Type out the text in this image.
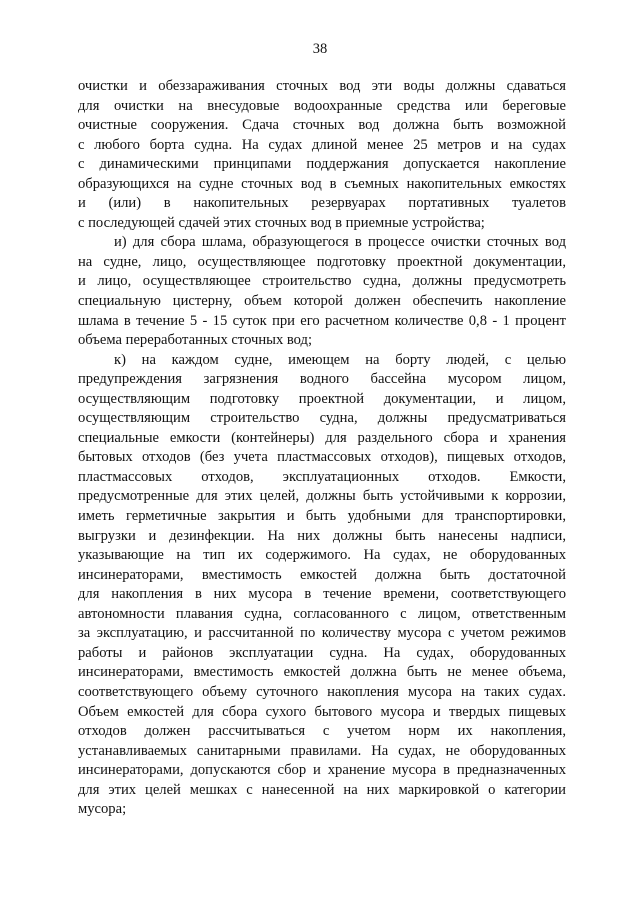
38
очистки и обеззараживания сточных вод эти воды должны сдаваться
для очистки на внесудовые водоохранные средства или береговые
очистные сооружения. Сдача сточных вод должна быть возможной
с любого борта судна. На судах длиной менее 25 метров и на судах
с динамическими принципами поддержания допускается накопление
образующихся на судне сточных вод в съемных накопительных емкостях
и (или) в накопительных резервуарах портативных туалетов
с последующей сдачей этих сточных вод в приемные устройства;
и) для сбора шлама, образующегося в процессе очистки сточных вод
на судне, лицо, осуществляющее подготовку проектной документации,
и лицо, осуществляющее строительство судна, должны предусмотреть
специальную цистерну, объем которой должен обеспечить накопление
шлама в течение 5 - 15 суток при его расчетном количестве 0,8 - 1 процент
объема переработанных сточных вод;
к) на каждом судне, имеющем на борту людей, с целью
предупреждения загрязнения водного бассейна мусором лицом,
осуществляющим подготовку проектной документации, и лицом,
осуществляющим строительство судна, должны предусматриваться
специальные емкости (контейнеры) для раздельного сбора и хранения
бытовых отходов (без учета пластмассовых отходов), пищевых отходов,
пластмассовых отходов, эксплуатационных отходов. Емкости,
предусмотренные для этих целей, должны быть устойчивыми к коррозии,
иметь герметичные закрытия и быть удобными для транспортировки,
выгрузки и дезинфекции. На них должны быть нанесены надписи,
указывающие на тип их содержимого. На судах, не оборудованных
инсинераторами, вместимость емкостей должна быть достаточной
для накопления в них мусора в течение времени, соответствующего
автономности плавания судна, согласованного с лицом, ответственным
за эксплуатацию, и рассчитанной по количеству мусора с учетом режимов
работы и районов эксплуатации судна. На судах, оборудованных
инсинераторами, вместимость емкостей должна быть не менее объема,
соответствующего объему суточного накопления мусора на таких судах.
Объем емкостей для сбора сухого бытового мусора и твердых пищевых
отходов должен рассчитываться с учетом норм их накопления,
устанавливаемых санитарными правилами. На судах, не оборудованных
инсинераторами, допускаются сбор и хранение мусора в предназначенных
для этих целей мешках с нанесенной на них маркировкой о категории
мусора;
